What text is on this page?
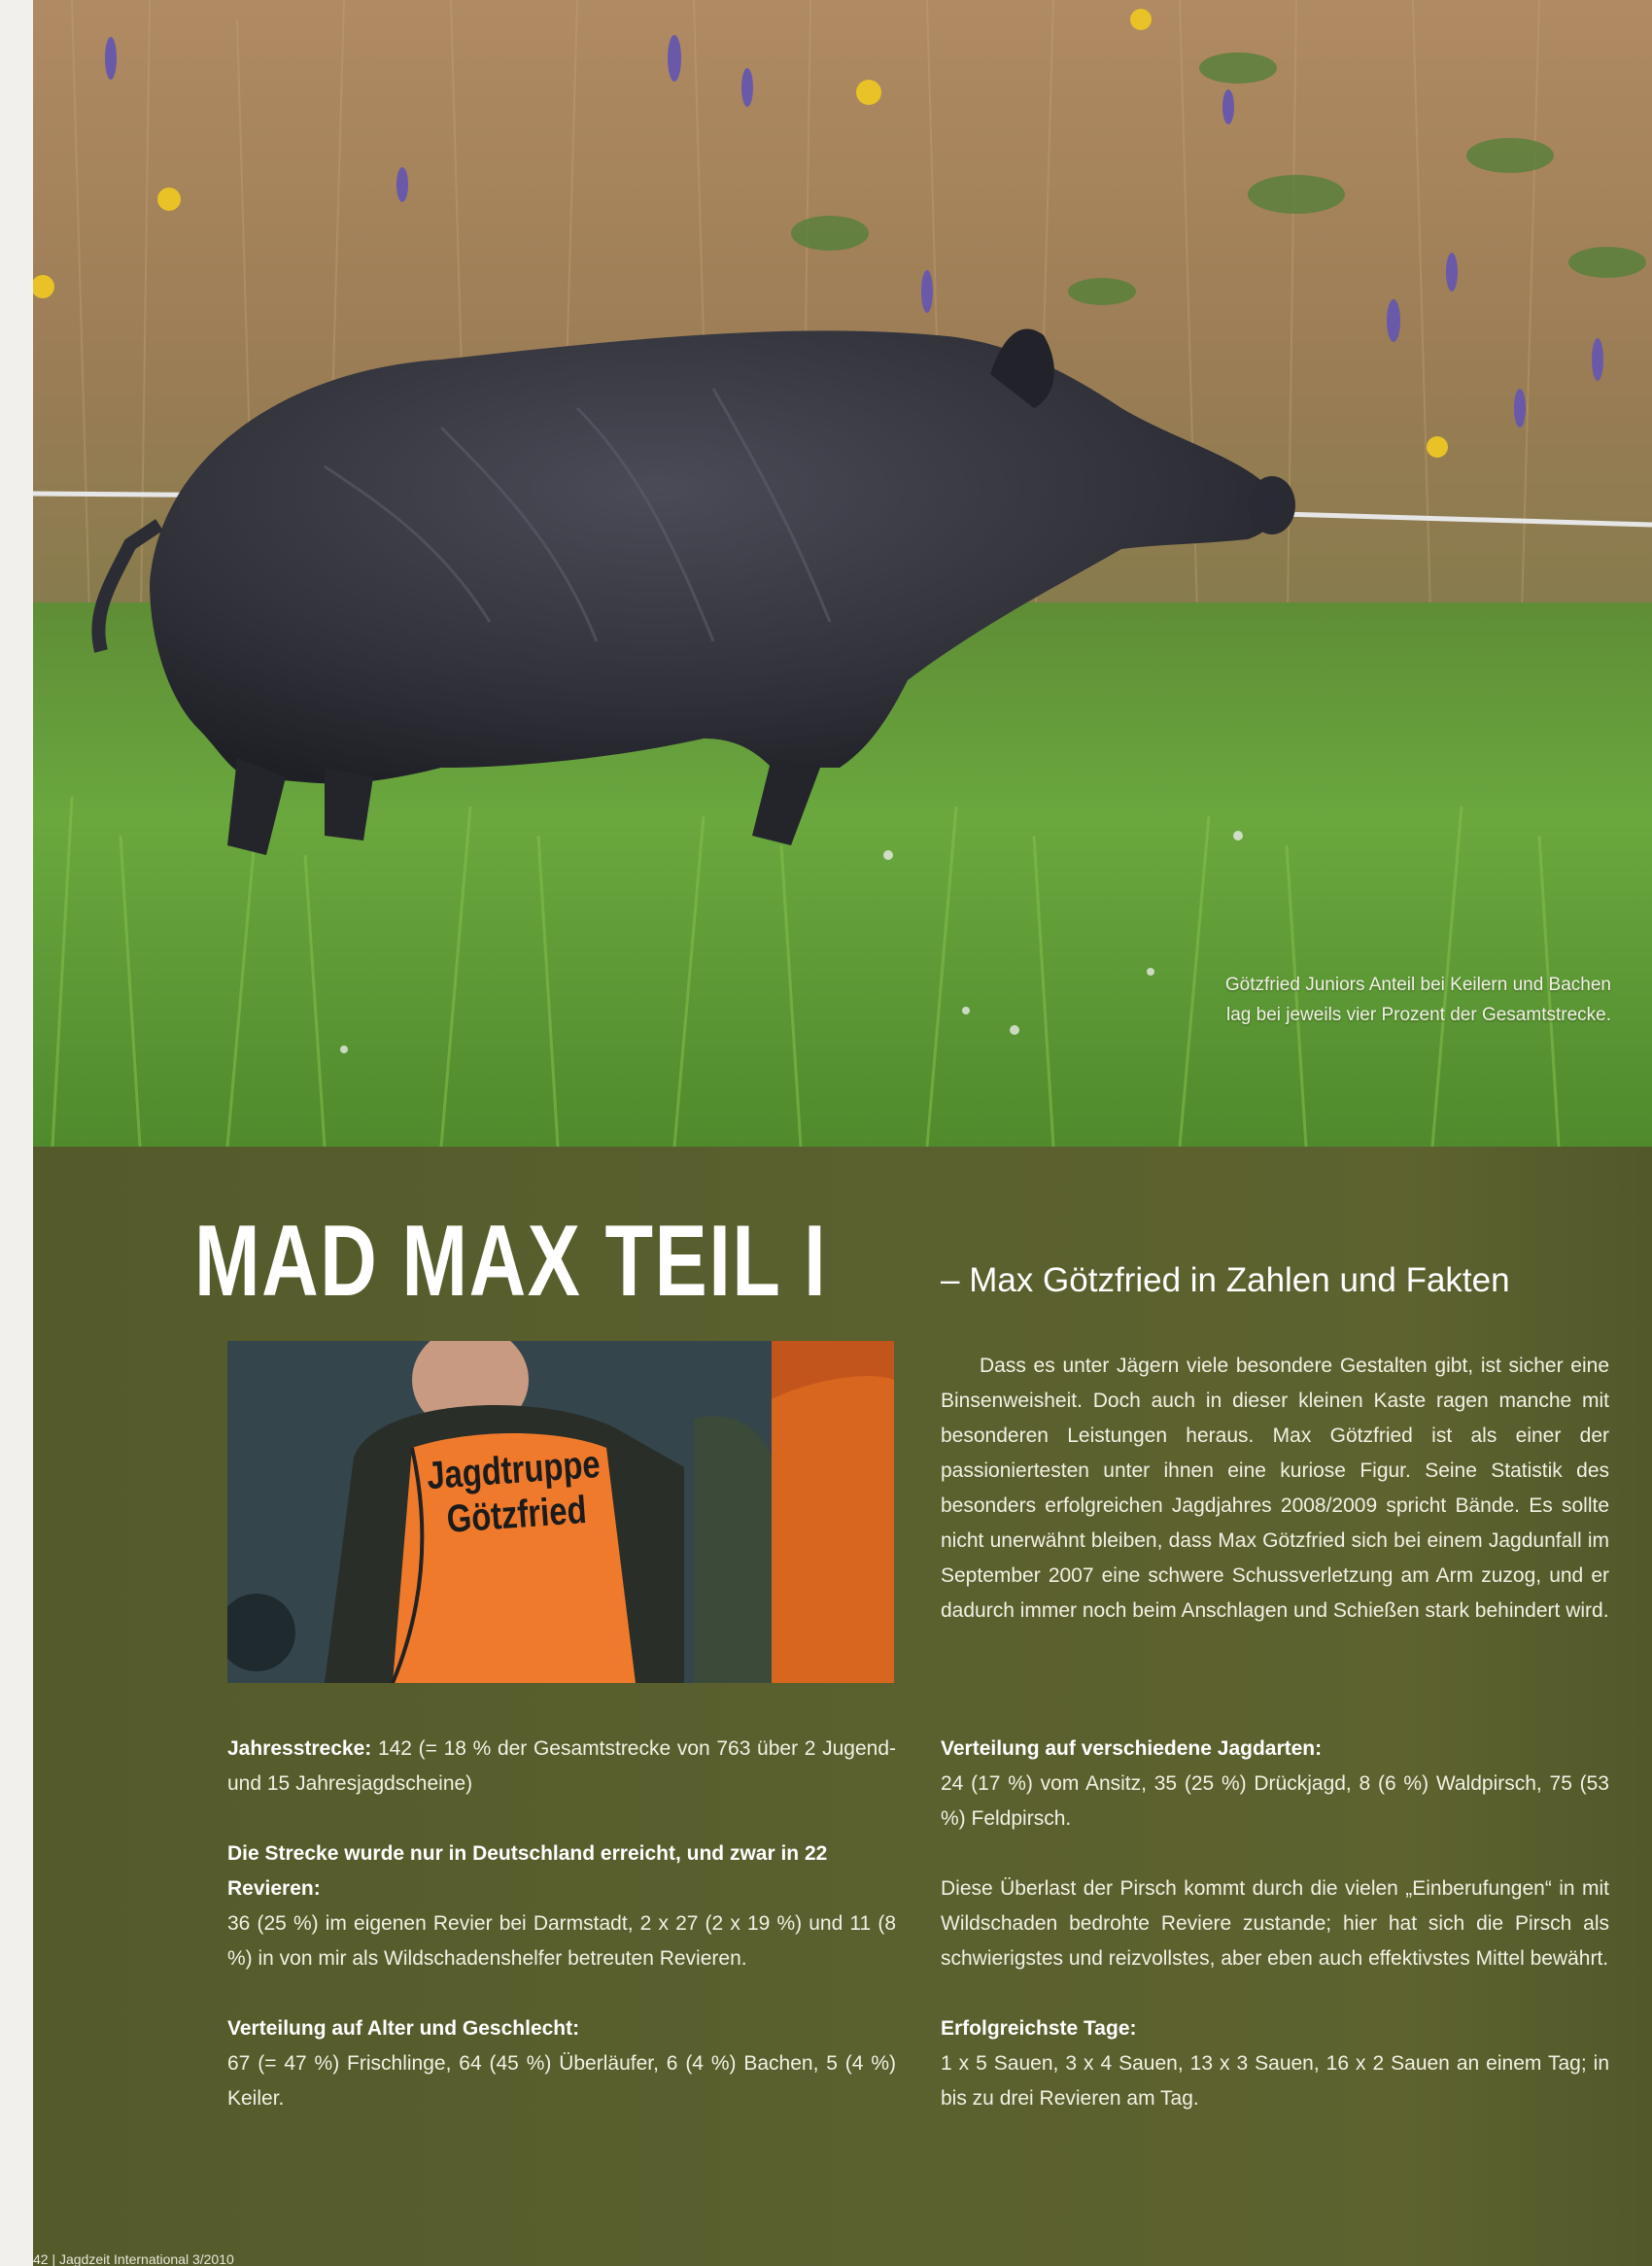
Götzfried Juniors Anteil bei Keilern und Bachen lag bei jeweils vier Prozent der Gesamtstrecke.
MAD MAX TEIL I	– Max Götzfried in Zahlen und Fakten
Jagdtruppe
Götzfried

Dass es unter Jägern viele besondere Gestalten gibt, ist sicher eine Binsenweisheit. Doch auch in dieser kleinen Kaste ragen manche mit besonderen Leistungen heraus. Max Götzfried ist als einer der passioniertesten unter ihnen eine kuriose Figur. Seine Statistik des besonders erfolgreichen Jagdjahres 2008/2009 spricht Bände. Es sollte nicht unerwähnt bleiben, dass Max Götzfried sich bei einem Jagdunfall im September 2007 eine schwere Schussverletzung am Arm zuzog, und er dadurch immer noch beim Anschlagen und Schießen stark behindert wird.

Jahresstrecke: 142 (= 18 % der Gesamtstrecke von 763 über 2 Jugend- und 15 Jahresjagdscheine)

Die Strecke wurde nur in Deutschland erreicht, und zwar in 22 Revieren:

36 (25 %) im eigenen Revier bei Darmstadt, 2 x 27 (2 x 19 %) und 11 (8 %) in von mir als Wildschadenshelfer betreuten Revieren.

Verteilung auf Alter und Geschlecht:

67 (= 47 %) Frischlinge, 64 (45 %) Überläufer, 6 (4 %) Bachen, 5 (4 %) Keiler.

Verteilung auf verschiedene Jagdarten:

24 (17 %) vom Ansitz, 35 (25 %) Drückjagd, 8 (6 %) Waldpirsch, 75 (53 %) Feldpirsch.

Diese Überlast der Pirsch kommt durch die vielen „Einberufungen“ in mit Wildschaden bedrohte Reviere zustande; hier hat sich die Pirsch als schwierigstes und reizvollstes, aber eben auch effektivstes Mittel bewährt.

Erfolgreichste Tage:

1 x 5 Sauen, 3 x 4 Sauen, 13 x 3 Sauen, 16 x 2 Sauen an einem Tag; in bis zu drei Revieren am Tag.

42 | Jagdzeit International 3/2010
